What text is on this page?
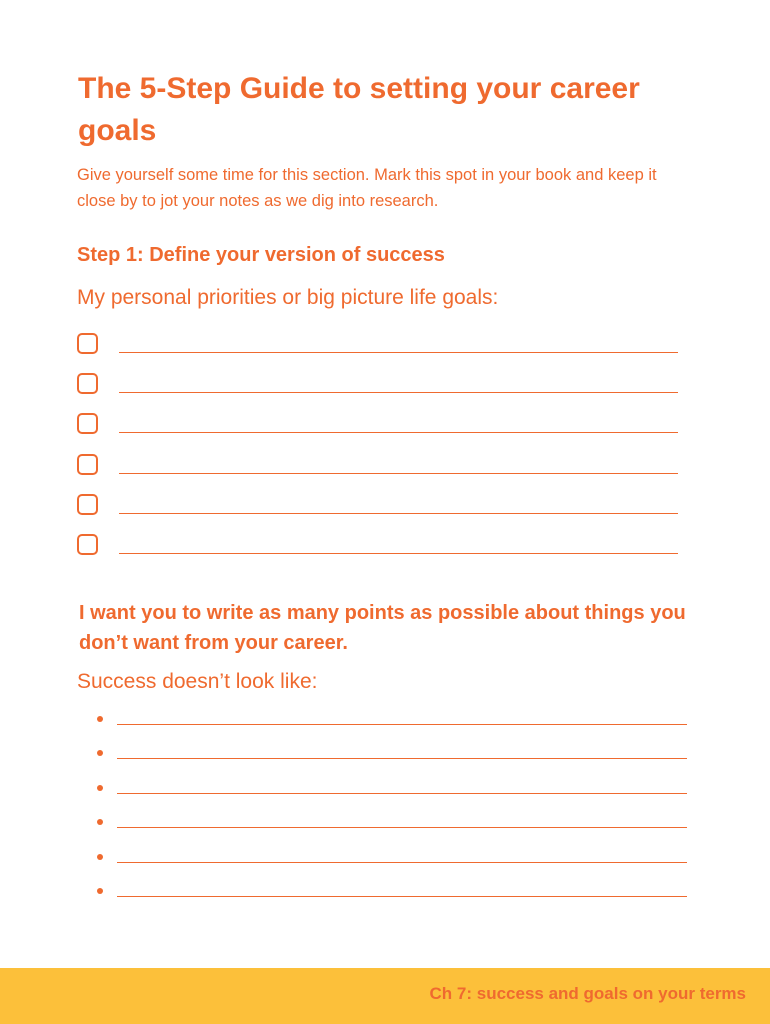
The 5-Step Guide to setting your career goals

Give yourself some time for this section. Mark this spot in your book and keep it close by to jot your notes as we dig into research.

Step 1: Define your version of success

My personal priorities or big picture life goals:

I want you to write as many points as possible about things you don’t want from your career.

Success doesn’t look like:

Ch 7: success and goals on your terms
